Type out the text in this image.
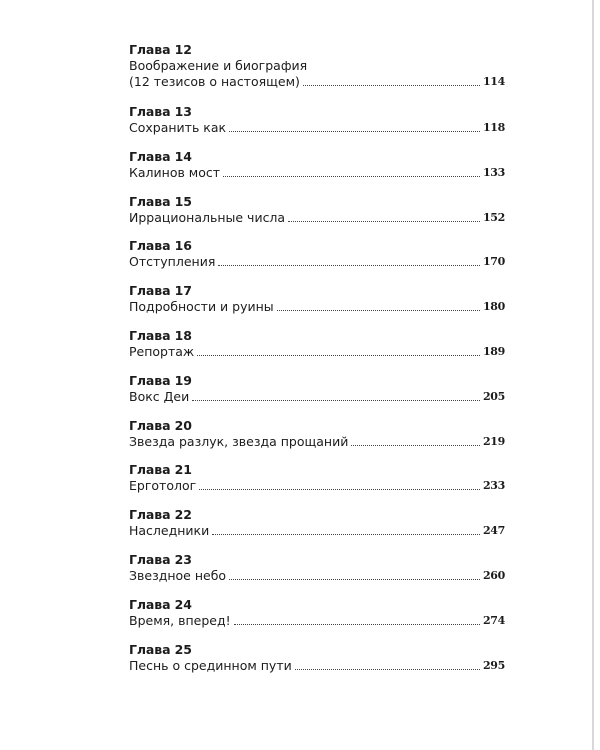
Глава 12
Воображение и биография
(12 тезисов о настоящем)	114
Глава 13
Сохранить как	118
Глава 14
Калинов мост	133
Глава 15
Иррациональные числа	152
Глава 16
Отступления	170
Глава 17
Подробности и руины	180
Глава 18
Репортаж	189
Глава 19
Вокс Деи	205
Глава 20
Звезда разлук, звезда прощаний	219
Глава 21
Ерготолог	233
Глава 22
Наследники	247
Глава 23
Звездное небо	260
Глава 24
Время, вперед!	274
Глава 25
Песнь о срединном пути	295
